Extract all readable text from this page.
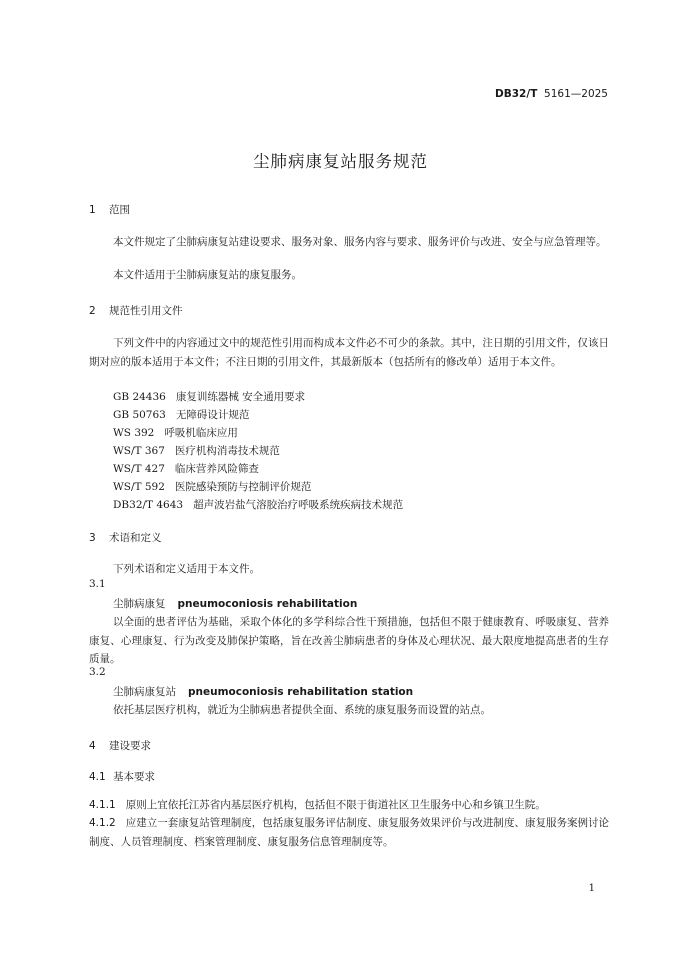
DB32/T 5161—2025
尘肺病康复站服务规范
1 范围
本文件规定了尘肺病康复站建设要求、服务对象、服务内容与要求、服务评价与改进、安全与应急管理等。
本文件适用于尘肺病康复站的康复服务。
2 规范性引用文件
下列文件中的内容通过文中的规范性引用而构成本文件必不可少的条款。其中，注日期的引用文件，仅该日期对应的版本适用于本文件；不注日期的引用文件，其最新版本（包括所有的修改单）适用于本文件。
GB 24436 康复训练器械 安全通用要求
GB 50763 无障碍设计规范
WS 392 呼吸机临床应用
WS/T 367 医疗机构消毒技术规范
WS/T 427 临床营养风险筛查
WS/T 592 医院感染预防与控制评价规范
DB32/T 4643 超声波岩盐气溶胶治疗呼吸系统疾病技术规范
3 术语和定义
下列术语和定义适用于本文件。
3.1
尘肺病康复 pneumoconiosis rehabilitation
以全面的患者评估为基础，采取个体化的多学科综合性干预措施，包括但不限于健康教育、呼吸康复、营养康复、心理康复、行为改变及肺保护策略，旨在改善尘肺病患者的身体及心理状况、最大限度地提高患者的生存质量。
3.2
尘肺病康复站 pneumoconiosis rehabilitation station
依托基层医疗机构，就近为尘肺病患者提供全面、系统的康复服务而设置的站点。
4 建设要求
4.1 基本要求
4.1.1 原则上宜依托江苏省内基层医疗机构，包括但不限于街道社区卫生服务中心和乡镇卫生院。
4.1.2 应建立一套康复站管理制度，包括康复服务评估制度、康复服务效果评价与改进制度、康复服务案例讨论制度、人员管理制度、档案管理制度、康复服务信息管理制度等。
1
